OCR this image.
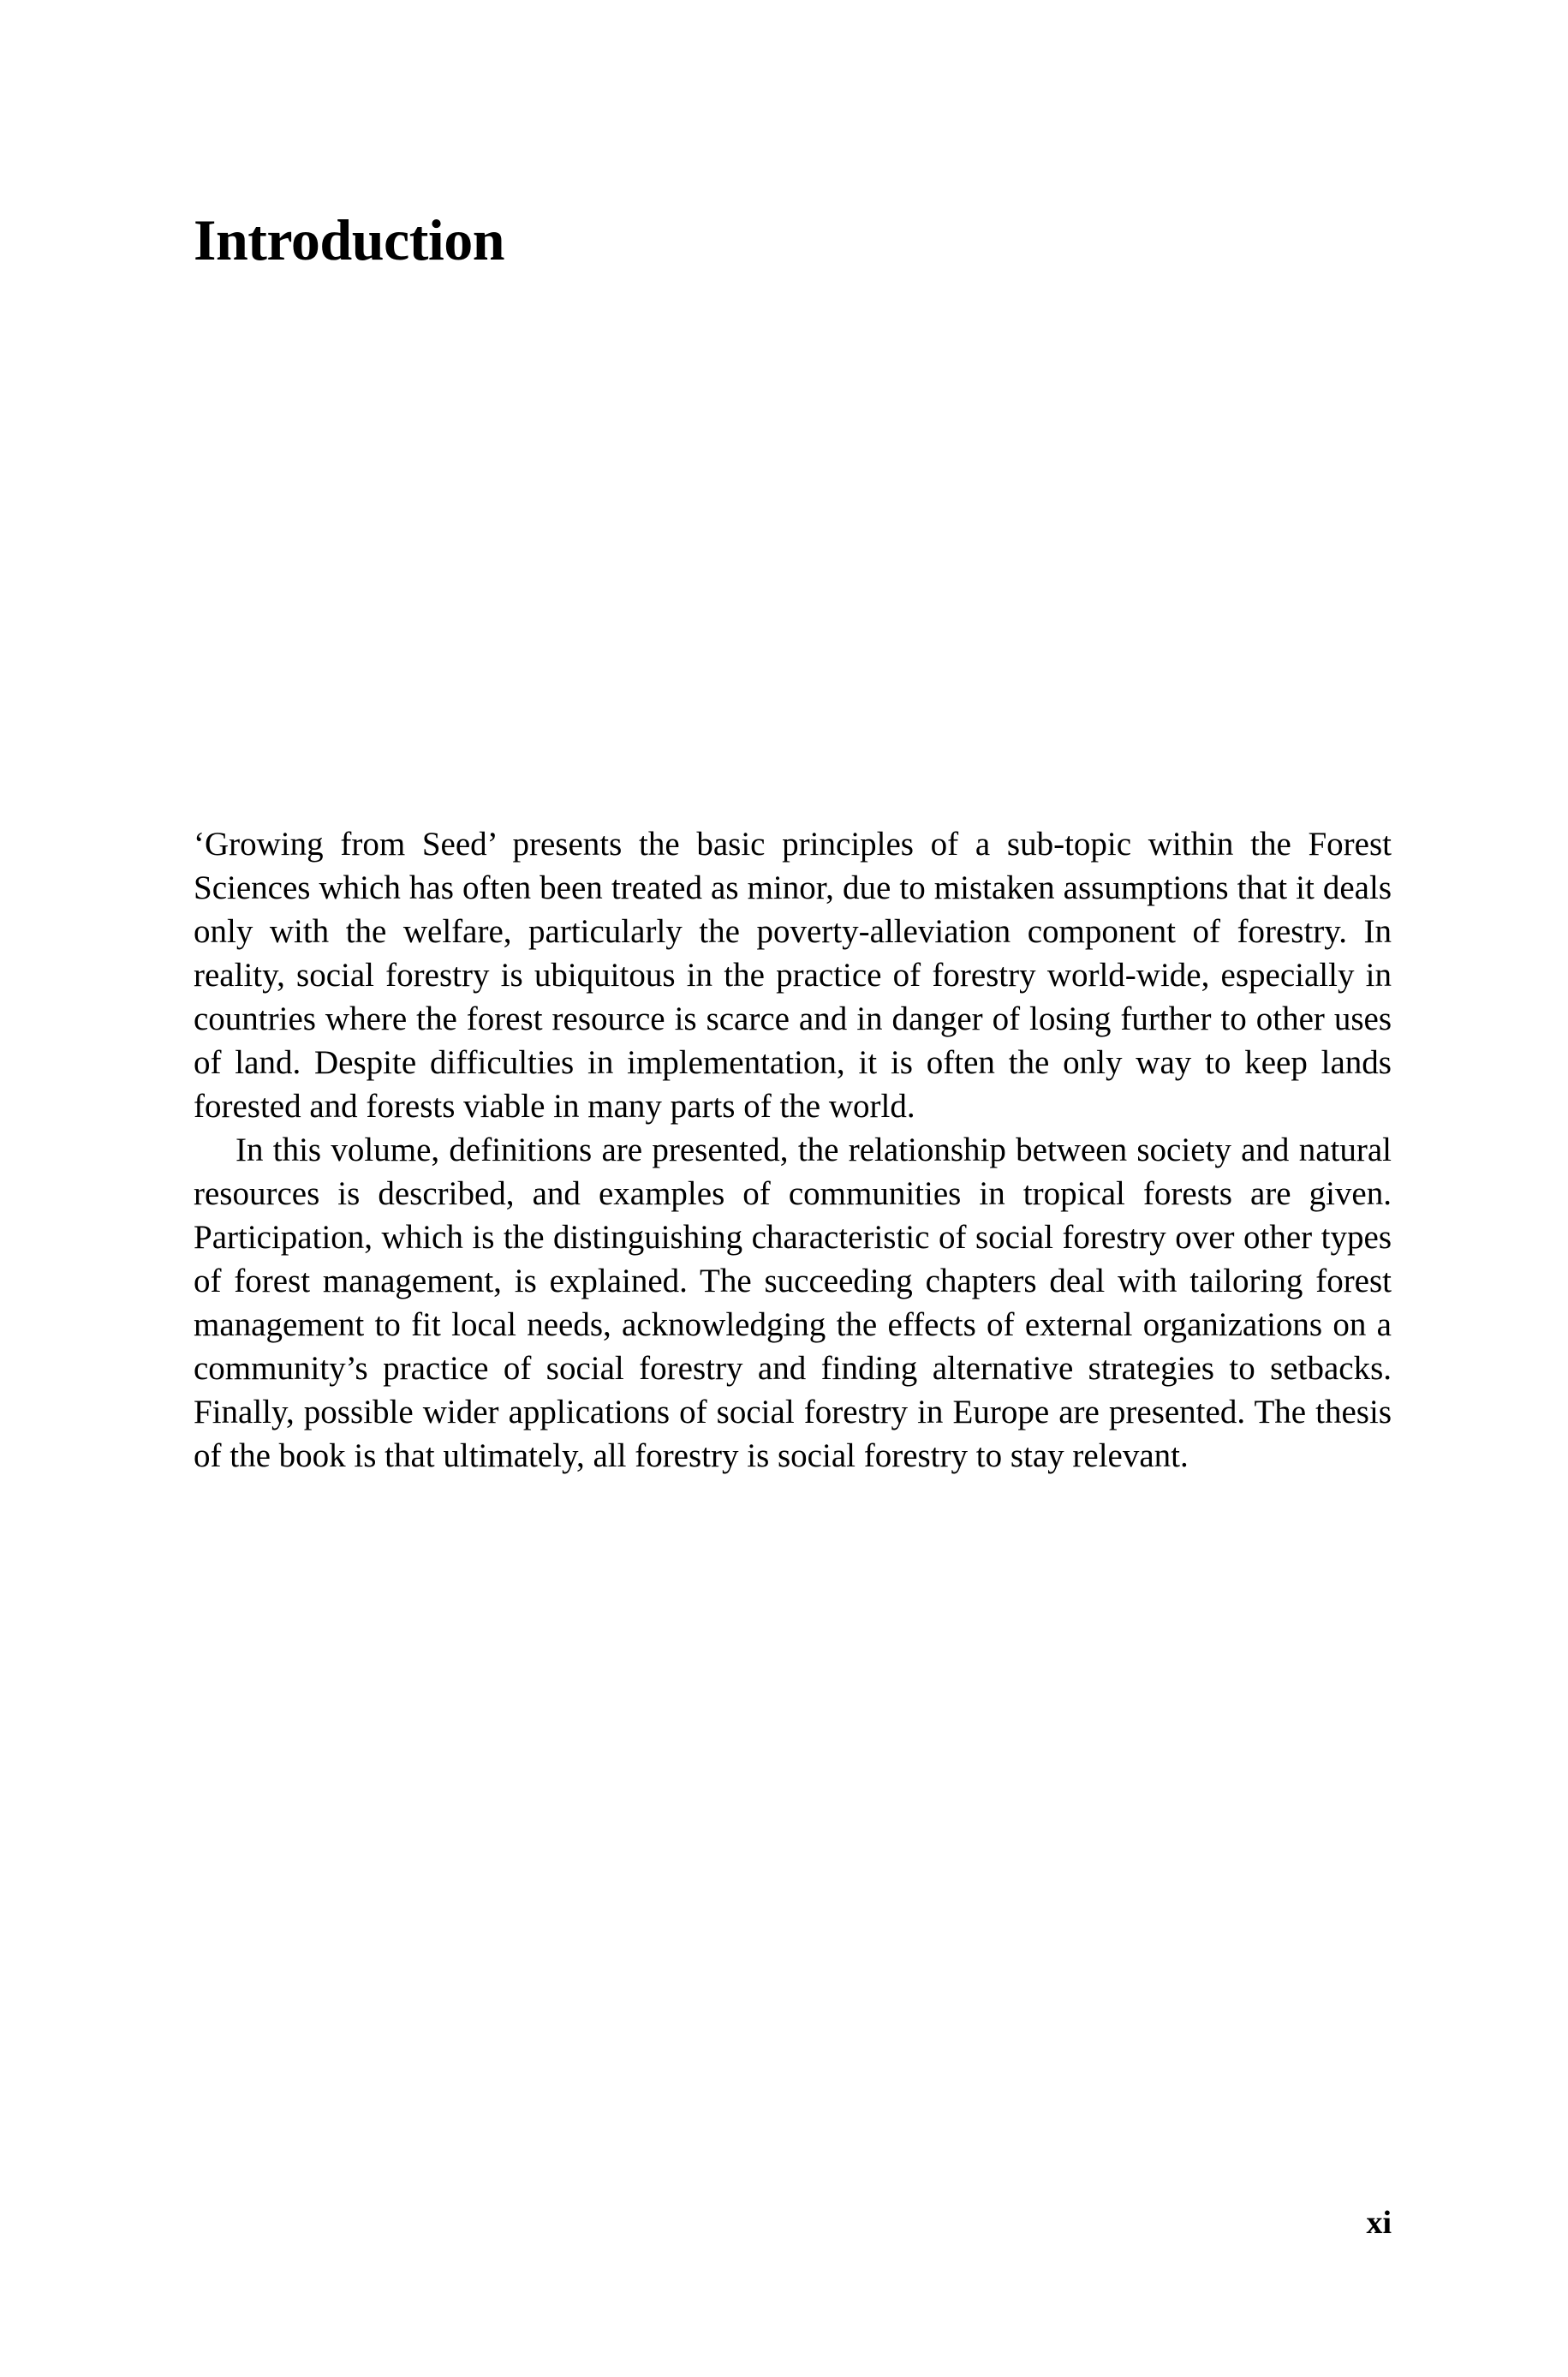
Introduction

‘Growing from Seed’ presents the basic principles of a sub-topic within the Forest Sciences which has often been treated as minor, due to mistaken assumptions that it deals only with the welfare, particularly the poverty-alleviation component of forestry. In reality, social forestry is ubiquitous in the practice of forestry world-wide, especially in countries where the forest resource is scarce and in danger of losing further to other uses of land. Despite difficulties in implementation, it is often the only way to keep lands forested and forests viable in many parts of the world.

In this volume, definitions are presented, the relationship between society and natural resources is described, and examples of communities in tropical forests are given. Participation, which is the distinguishing characteristic of social forestry over other types of forest management, is explained. The succeeding chapters deal with tailoring forest management to fit local needs, acknowledging the effects of external organizations on a community’s practice of social forestry and finding alternative strategies to setbacks. Finally, possible wider applications of social forestry in Europe are presented. The thesis of the book is that ultimately, all forestry is social forestry to stay relevant.

xi
